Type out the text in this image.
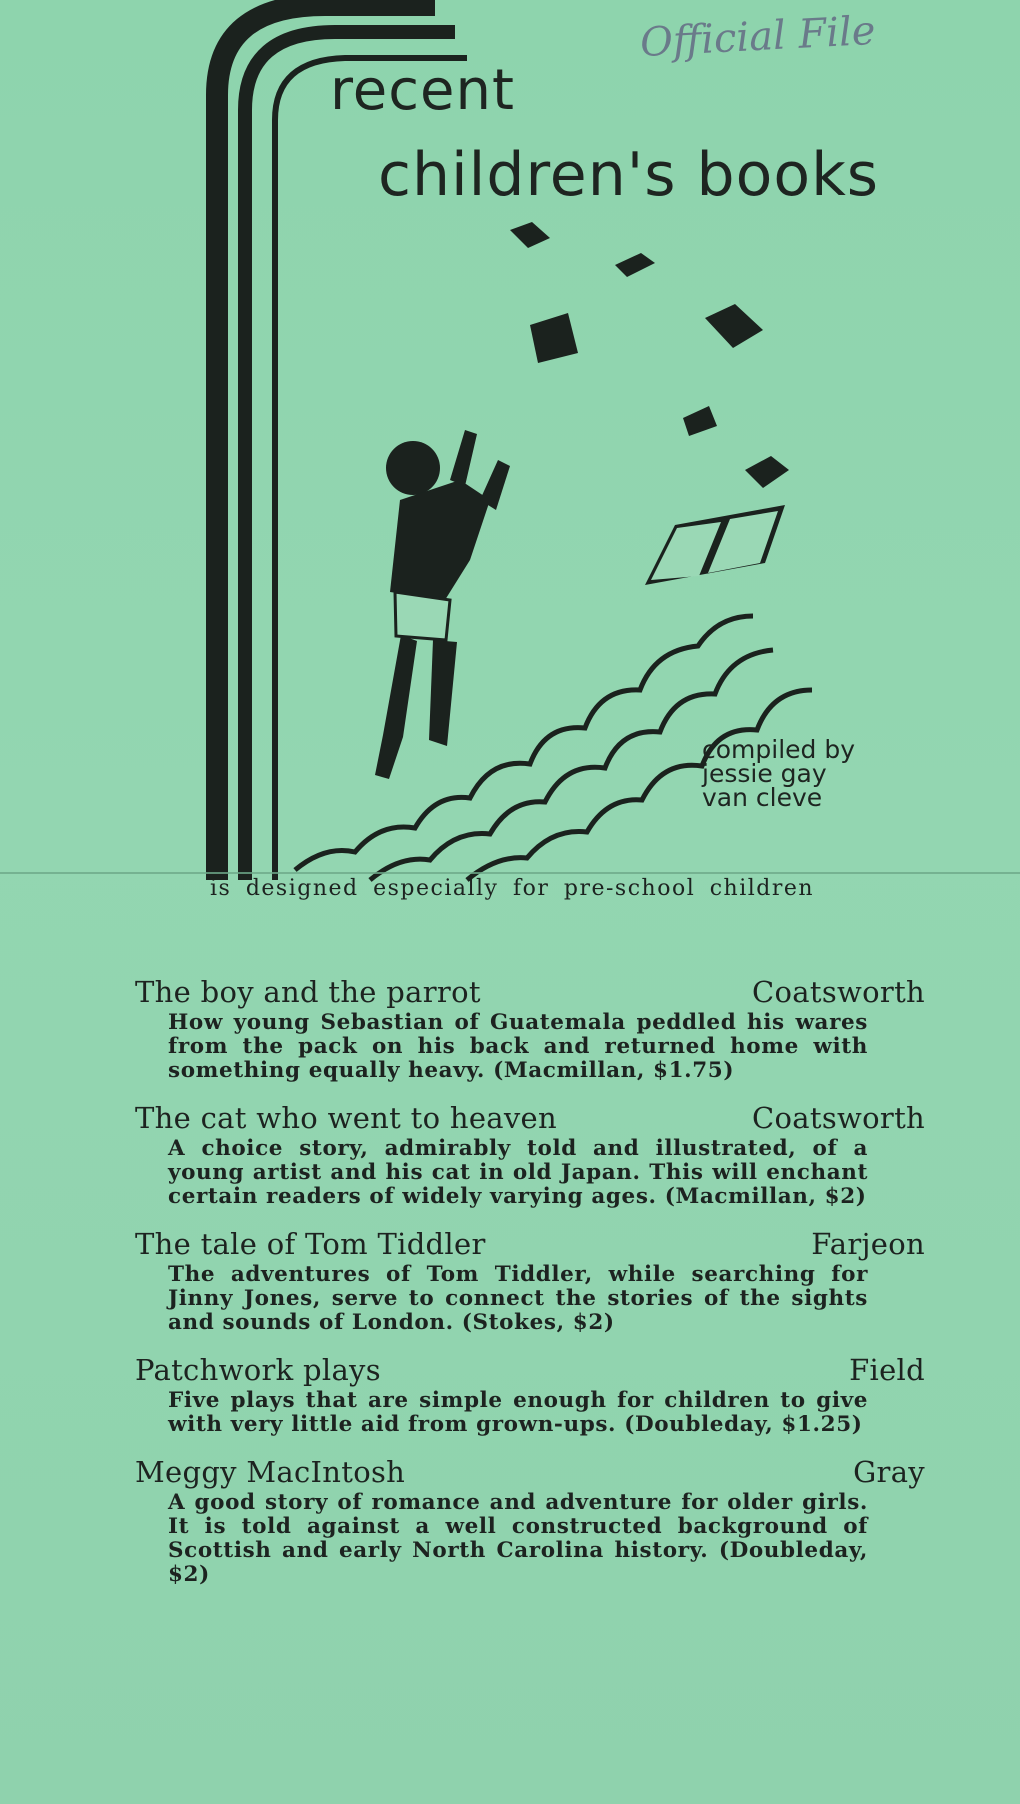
Official File
recent
children's books
compiled by
jessie gay
van cleve
is designed especially for pre-school children
The boy and the parrot	Coatsworth
How young Sebastian of Guatemala peddled his wares from the pack on his back and returned home with something equally heavy. (Macmillan, $1.75)
The cat who went to heaven	Coatsworth
A choice story, admirably told and illustrated, of a young artist and his cat in old Japan. This will enchant certain readers of widely varying ages. (Macmillan, $2)
The tale of Tom Tiddler	Farjeon
The adventures of Tom Tiddler, while searching for Jinny Jones, serve to connect the stories of the sights and sounds of London. (Stokes, $2)
Patchwork plays	Field
Five plays that are simple enough for children to give with very little aid from grown-ups. (Doubleday, $1.25)
Meggy MacIntosh	Gray
A good story of romance and adventure for older girls. It is told against a well constructed background of Scottish and early North Carolina history. (Doubleday, $2)
